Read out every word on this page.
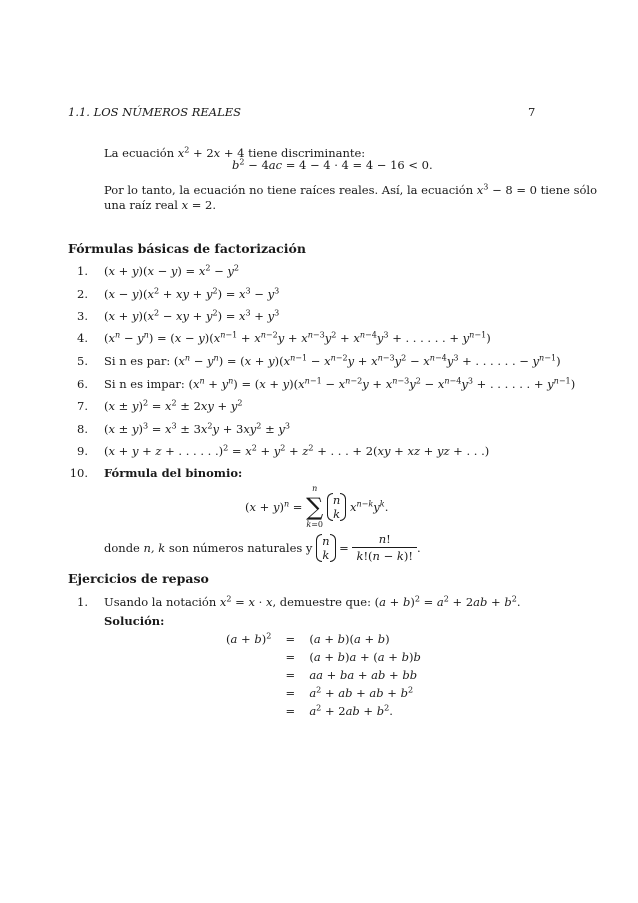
1.1. LOS NÚMEROS REALES	7
La ecuación $x^2 + 2x + 4$ tiene discriminante:
$b^2 - 4ac = 4 - 4 \cdot 4 = 4 - 16 < 0$.
Por lo tanto, la ecuación no tiene raíces reales. Así, la ecuación $x^3 - 8 = 0$ tiene sólo
una raíz real x = 2.
Fórmulas básicas de factorización
1. $(x + y)(x - y) = x^2 - y^2$
2. $(x - y)(x^2$ + xy + $y^2) = x^3 - y^3$
3. $(x + y)(x^2$ − xy + $y^2) = x^3 + y^3$
4. $(x^n - y^n) = (x - y)(x^{n-1} + x^{n-2}y + x^{n-3}y^2 + x^{n-4}y^3$ + . . . . . . + $y^{n-1}$)
5. Si n es par: $(x^n - y^n) = (x + y)(x^{n-1} - x^{n-2}y + x^{n-3}y^2 - x^{n-4}y^3$ + . . . . . . − $y^{n-1}$)
6. Si n es impar: $(x^n + y^n) = (x + y)(x^{n-1} - x^{n-2}y + x^{n-3}y^2 - x^{n-4}y^3$ + . . . . . . + $y^{n-1}$)
7. $(x \pm y)^2 = x^2 \pm 2xy + y^2$
8. $(x \pm y)^3 = x^3 \pm 3x^2y + 3xy^2 \pm y^3$
9. (x + y + z + . . . . . $.)^2 = x^2 + y^2 + z^2$ + . . . + 2(xy + xz + yz + . . .)
10. Fórmula del binomio:
$(x + y)^n$ =
n
∑
k=0

n
k $x^{n-k}y^k$.
donde n, k son números naturales y n
$k = \frac{n!}{k!(n - k)!}$ .
Ejercicios de repaso
1. Usando la notación $x^2 = x \cdot x$, demuestre que: $(a + b)^2 = a^2 + 2ab + b^2$.
Solución:
$(a + b)^2$	=	(a + b)(a + b)
	=	(a + b)a + (a + b)b
	=	aa + ba + ab + bb
	=	$a^2$ + ab + ab + $b^2$
	=	$a^2 + 2ab + b^2$.
